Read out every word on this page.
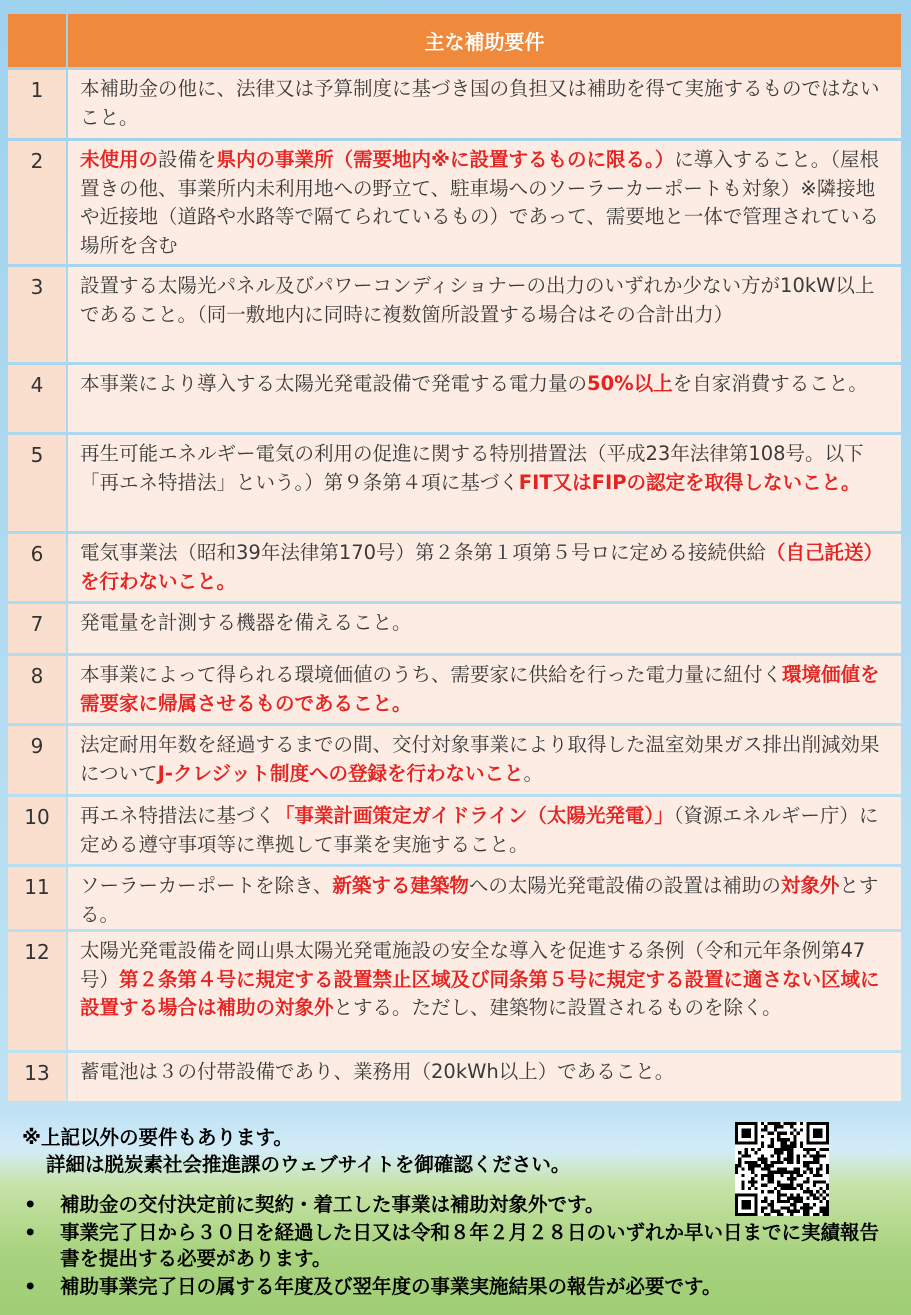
主な補助要件
1	本補助金の他に、法律又は予算制度に基づき国の負担又は補助を得て実施するものではないこと。
2	未使用の設備を県内の事業所（需要地内※に設置するものに限る。）に導入すること。（屋根置きの他、事業所内未利用地への野立て、駐車場へのソーラーカーポートも対象）※隣接地や近接地（道路や水路等で隔てられているもの）であって、需要地と一体で管理されている場所を含む
3	設置する太陽光パネル及びパワーコンディショナーの出力のいずれか少ない方が10kW以上であること。（同一敷地内に同時に複数箇所設置する場合はその合計出力）
4	本事業により導入する太陽光発電設備で発電する電力量の50%以上を自家消費すること。
5	再生可能エネルギー電気の利用の促進に関する特別措置法（平成23年法律第108号。以下「再エネ特措法」という。）第９条第４項に基づくFIT又はFIPの認定を取得しないこと。
6	電気事業法（昭和39年法律第170号）第２条第１項第５号ロに定める接続供給（自己託送）を行わないこと。
7	発電量を計測する機器を備えること。
8	本事業によって得られる環境価値のうち、需要家に供給を行った電力量に紐付く環境価値を需要家に帰属させるものであること。
9	法定耐用年数を経過するまでの間、交付対象事業により取得した温室効果ガス排出削減効果についてJ-クレジット制度への登録を行わないこと。
10	再エネ特措法に基づく「事業計画策定ガイドライン（太陽光発電）」（資源エネルギー庁）に定める遵守事項等に準拠して事業を実施すること。
11	ソーラーカーポートを除き、新築する建築物への太陽光発電設備の設置は補助の対象外とする。
12	太陽光発電設備を岡山県太陽光発電施設の安全な導入を促進する条例（令和元年条例第47号）第２条第４号に規定する設置禁止区域及び同条第５号に規定する設置に適さない区域に設置する場合は補助の対象外とする。ただし、建築物に設置されるものを除く。
13	蓄電池は３の付帯設備であり、業務用（20kWh以上）であること。
※上記以外の要件もあります。
詳細は脱炭素社会推進課のウェブサイトを御確認ください。
• 補助金の交付決定前に契約・着工した事業は補助対象外です。
• 事業完了日から３０日を経過した日又は令和８年２月２８日のいずれか早い日までに実績報告書を提出する必要があります。
• 補助事業完了日の属する年度及び翌年度の事業実施結果の報告が必要です。
